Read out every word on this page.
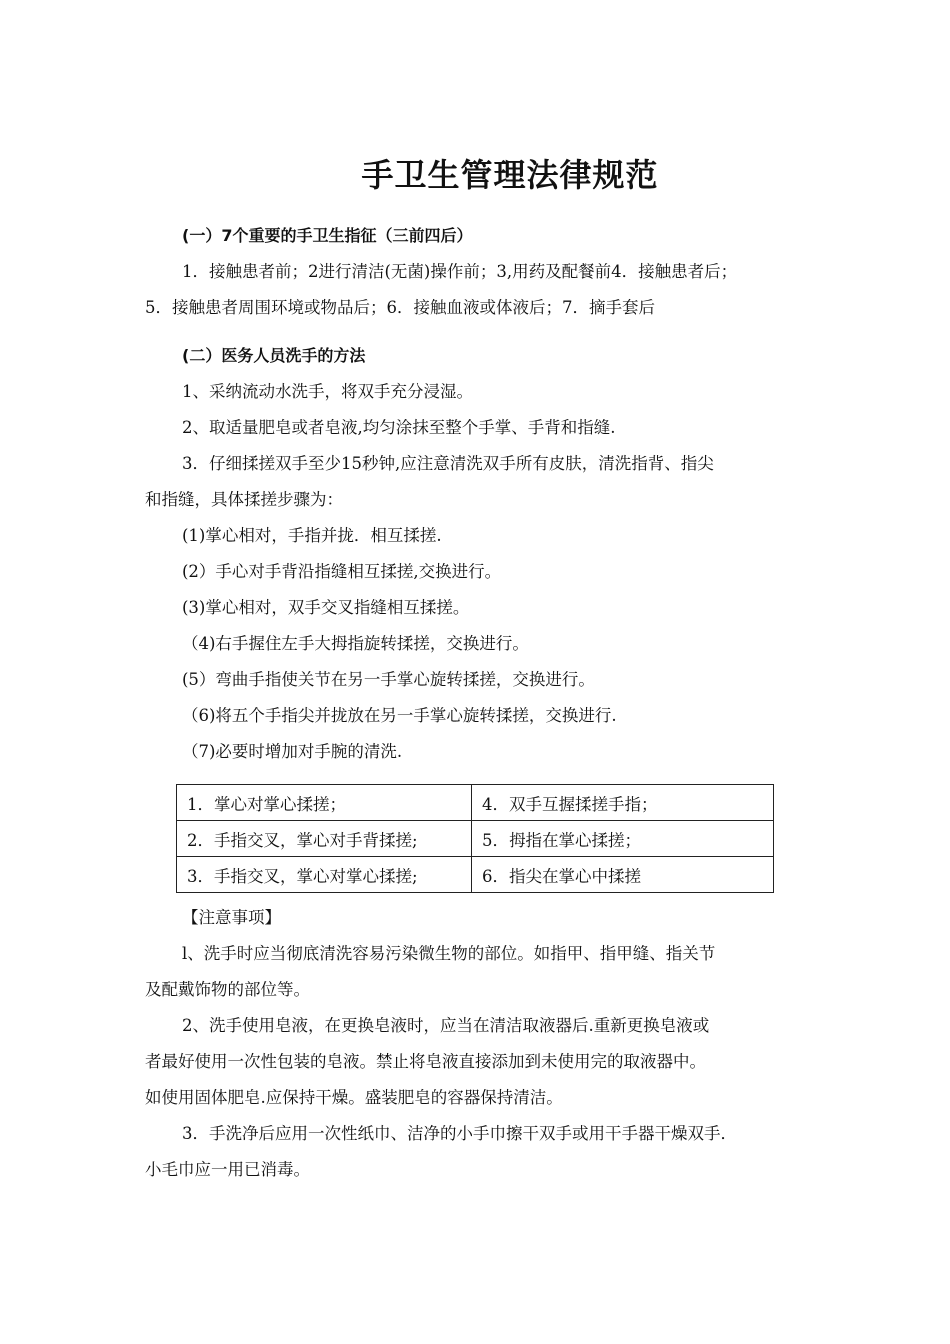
手卫生管理法律规范
(一）7个重要的手卫生指征（三前四后）
1．接触患者前；2进行清洁(无菌)操作前；3,用药及配餐前4．接触患者后；
5．接触患者周围环境或物品后；6．接触血液或体液后；7．摘手套后
(二）医务人员洗手的方法
1、采纳流动水洗手，将双手充分浸湿。
2、取适量肥皂或者皂液,均匀涂抹至整个手掌、手背和指缝.
3．仔细揉搓双手至少15秒钟,应注意清洗双手所有皮肤，清洗指背、指尖
和指缝，具体揉搓步骤为：
(1)掌心相对，手指并拢．相互揉搓.
(2）手心对手背沿指缝相互揉搓,交换进行。
(3)掌心相对，双手交叉指缝相互揉搓。
（4)右手握住左手大拇指旋转揉搓，交换进行。
(5）弯曲手指使关节在另一手掌心旋转揉搓，交换进行。
（6)将五个手指尖并拢放在另一手掌心旋转揉搓，交换进行.
（7)必要时增加对手腕的清洗.
1．掌心对掌心揉搓；	4．双手互握揉搓手指；
2．手指交叉，掌心对手背揉搓;	5．拇指在掌心揉搓；
3．手指交叉，掌心对掌心揉搓;	6．指尖在掌心中揉搓
【注意事项】
l、洗手时应当彻底清洗容易污染微生物的部位。如指甲、指甲缝、指关节
及配戴饰物的部位等。
2、洗手使用皂液，在更换皂液时，应当在清洁取液器后.重新更换皂液或
者最好使用一次性包装的皂液。禁止将皂液直接添加到未使用完的取液器中。
如使用固体肥皂.应保持干燥。盛装肥皂的容器保持清洁。
3．手洗净后应用一次性纸巾、洁净的小手巾擦干双手或用干手器干燥双手．
小毛巾应一用已消毒。
